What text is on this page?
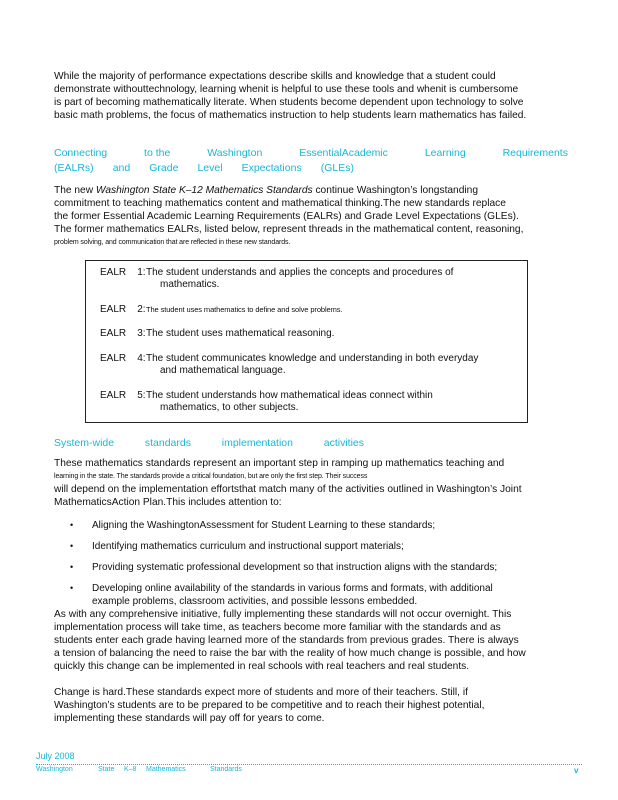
While the majority of performance expectations describe skills and knowledge that a student could
demonstrate withouttechnology, learning whenit is helpful to use these tools and whenit is cumbersome
is part of becoming mathematically literate. When students become dependent upon technology to solve
basic math problems, the focus of mathematics instruction to help students learn mathematics has failed.
Connecting	to the	Washington	EssentialAcademic	Learning	Requirements
(EALRs) and Grade Level Expectations (GLEs)
The new Washington State K–12 Mathematics Standards continue Washington’s longstanding
commitment to teaching mathematics content and mathematical thinking.The new standards replace
the former Essential Academic Learning Requirements (EALRs) and Grade Level Expectations (GLEs).
The former mathematics EALRs, listed below, represent threads in the mathematical content, reasoning,
problem solving, and communication that are reflected in these new standards.
EALR 1: The student understands and applies the concepts and procedures of
mathematics.
EALR 2: The student uses mathematics to define and solve problems.
EALR 3: The student uses mathematical reasoning.
EALR 4: The student communicates knowledge and understanding in both everyday
and mathematical language.
EALR 5: The student understands how mathematical ideas connect within
mathematics, to other subjects.
System-wide	standards	implementation	activities
These mathematics standards represent an important step in ramping up mathematics teaching and
learning in the state. The standards provide a critical foundation, but are only the first step. Their success
will depend on the implementation effortsthat match many of the activities outlined in Washington’s Joint
MathematicsAction Plan.This includes attention to:
• Aligning the WashingtonAssessment for Student Learning to these standards;
• Identifying mathematics curriculum and instructional support materials;
• Providing systematic professional development so that instruction aligns with the standards;
• Developing online availability of the standards in various forms and formats, with additional
example problems, classroom activities, and possible lessons embedded.
As with any comprehensive initiative, fully implementing these standards will not occur overnight. This
implementation process will take time, as teachers become more familiar with the standards and as
students enter each grade having learned more of the standards from previous grades. There is always
a tension of balancing the need to raise the bar with the reality of how much change is possible, and how
quickly this change can be implemented in real schools with real teachers and real students.
Change is hard.These standards expect more of students and more of their teachers. Still, if
Washington’s students are to be prepared to be competitive and to reach their highest potential,
implementing these standards will pay off for years to come.
July 2008
Washington	State K–8 Mathematics	Standards	v
